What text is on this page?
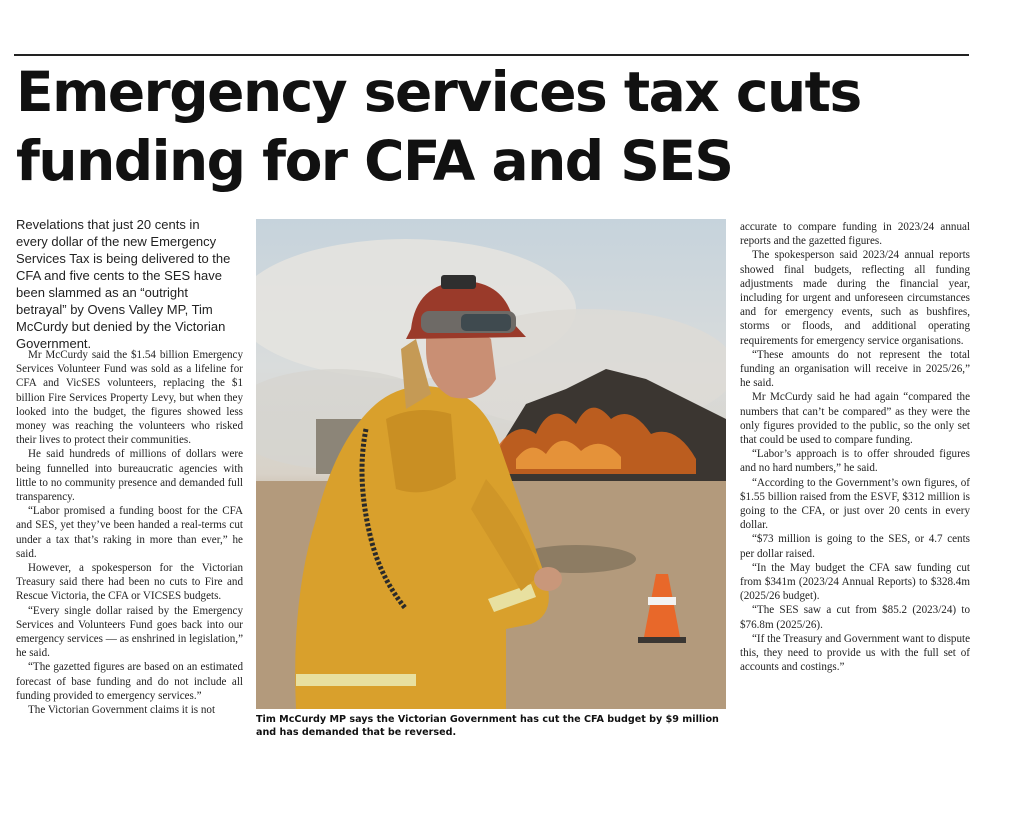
Emergency services tax cuts
funding for CFA and SES
Revelations that just 20 cents in every dollar of the new Emergency Services Tax is being delivered to the CFA and five cents to the SES have been slammed as an “outright betrayal” by Ovens Valley MP, Tim McCurdy but denied by the Victorian Government.

Mr McCurdy said the $1.54 billion Emergency Services Volunteer Fund was sold as a lifeline for CFA and VicSES volunteers, replacing the $1 billion Fire Services Property Levy, but when they looked into the budget, the figures showed less money was reaching the volunteers who risked their lives to protect their communities.

He said hundreds of millions of dollars were being funnelled into bureaucratic agencies with little to no community presence and demanded full transparency.

“Labor promised a funding boost for the CFA and SES, yet they’ve been handed a real-terms cut under a tax that’s raking in more than ever,” he said.

However, a spokesperson for the Victorian Treasury said there had been no cuts to Fire and Rescue Victoria, the CFA or VICSES budgets.

“Every single dollar raised by the Emergency Services and Volunteers Fund goes back into our emergency services — as enshrined in legislation,” he said.

“The gazetted figures are based on an estimated forecast of base funding and do not include all funding provided to emergency services.”

The Victorian Government claims it is not

Tim McCurdy MP says the Victorian Government has cut the CFA budget by $9 million and has demanded that be reversed.

accurate to compare funding in 2023/24 annual reports and the gazetted figures.

The spokesperson said 2023/24 annual reports showed final budgets, reflecting all funding adjustments made during the financial year, including for urgent and unforeseen circumstances and for emergency events, such as bushfires, storms or floods, and additional operating requirements for emergency service organisations.

“These amounts do not represent the total funding an organisation will receive in 2025/26,” he said.

Mr McCurdy said he had again “compared the numbers that can’t be compared” as they were the only figures provided to the public, so the only set that could be used to compare funding.

“Labor’s approach is to offer shrouded figures and no hard numbers,” he said.

“According to the Government’s own figures, of $1.55 billion raised from the ESVF, $312 million is going to the CFA, or just over 20 cents in every dollar.

“$73 million is going to the SES, or 4.7 cents per dollar raised.

“In the May budget the CFA saw funding cut from $341m (2023/24 Annual Reports) to $328.4m (2025/26 budget).

“The SES saw a cut from $85.2 (2023/24) to $76.8m (2025/26).

“If the Treasury and Government want to dispute this, they need to provide us with the full set of accounts and costings.”
